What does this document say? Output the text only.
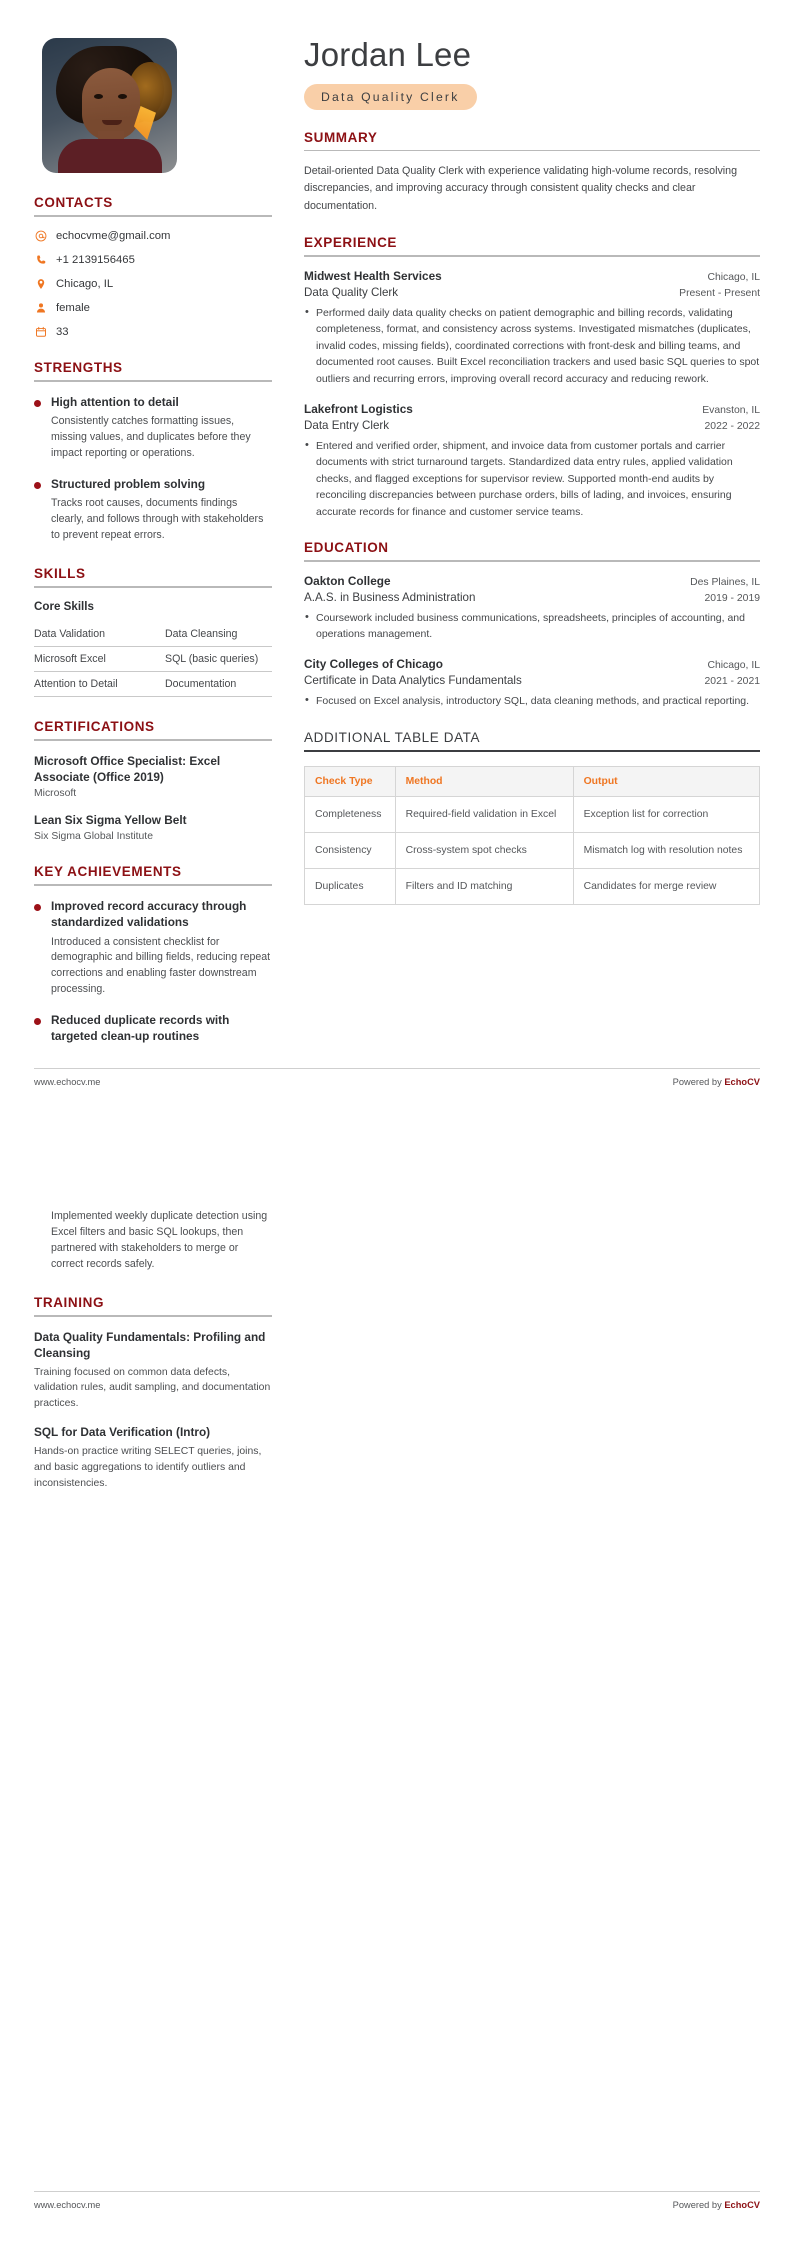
CONTACTS
echocvme@gmail.com
+1 2139156465
Chicago, IL
female
33
STRENGTHS
High attention to detail
Consistently catches formatting issues, missing values, and duplicates before they impact reporting or operations.
Structured problem solving
Tracks root causes, documents findings clearly, and follows through with stakeholders to prevent repeat errors.
SKILLS
Core Skills
Data Validation	Data Cleansing
Microsoft Excel	SQL (basic queries)
Attention to Detail	Documentation
CERTIFICATIONS
Microsoft Office Specialist: Excel Associate (Office 2019)
Microsoft
Lean Six Sigma Yellow Belt
Six Sigma Global Institute
KEY ACHIEVEMENTS
Improved record accuracy through standardized validations
Introduced a consistent checklist for demographic and billing fields, reducing repeat corrections and enabling faster downstream processing.
Reduced duplicate records with targeted clean-up routines
Jordan Lee
Data Quality Clerk
SUMMARY
Detail-oriented Data Quality Clerk with experience validating high-volume records, resolving discrepancies, and improving accuracy through consistent quality checks and clear documentation.
EXPERIENCE
Midwest Health Services	Chicago, IL
Data Quality Clerk	Present - Present
• Performed daily data quality checks on patient demographic and billing records, validating completeness, format, and consistency across systems. Investigated mismatches (duplicates, invalid codes, missing fields), coordinated corrections with front-desk and billing teams, and documented root causes. Built Excel reconciliation trackers and used basic SQL queries to spot outliers and recurring errors, improving overall record accuracy and reducing rework.
Lakefront Logistics	Evanston, IL
Data Entry Clerk	2022 - 2022
• Entered and verified order, shipment, and invoice data from customer portals and carrier documents with strict turnaround targets. Standardized data entry rules, applied validation checks, and flagged exceptions for supervisor review. Supported month-end audits by reconciling discrepancies between purchase orders, bills of lading, and invoices, ensuring accurate records for finance and customer service teams.
EDUCATION
Oakton College	Des Plaines, IL
A.A.S. in Business Administration	2019 - 2019
• Coursework included business communications, spreadsheets, principles of accounting, and operations management.
City Colleges of Chicago	Chicago, IL
Certificate in Data Analytics Fundamentals	2021 - 2021
• Focused on Excel analysis, introductory SQL, data cleaning methods, and practical reporting.
ADDITIONAL TABLE DATA
Check Type	Method	Output
Completeness	Required-field validation in Excel	Exception list for correction
Consistency	Cross-system spot checks	Mismatch log with resolution notes
Duplicates	Filters and ID matching	Candidates for merge review
www.echocv.me	Powered by EchoCV
Implemented weekly duplicate detection using Excel filters and basic SQL lookups, then partnered with stakeholders to merge or correct records safely.
TRAINING
Data Quality Fundamentals: Profiling and Cleansing
Training focused on common data defects, validation rules, audit sampling, and documentation practices.
SQL for Data Verification (Intro)
Hands-on practice writing SELECT queries, joins, and basic aggregations to identify outliers and inconsistencies.
www.echocv.me	Powered by EchoCV
